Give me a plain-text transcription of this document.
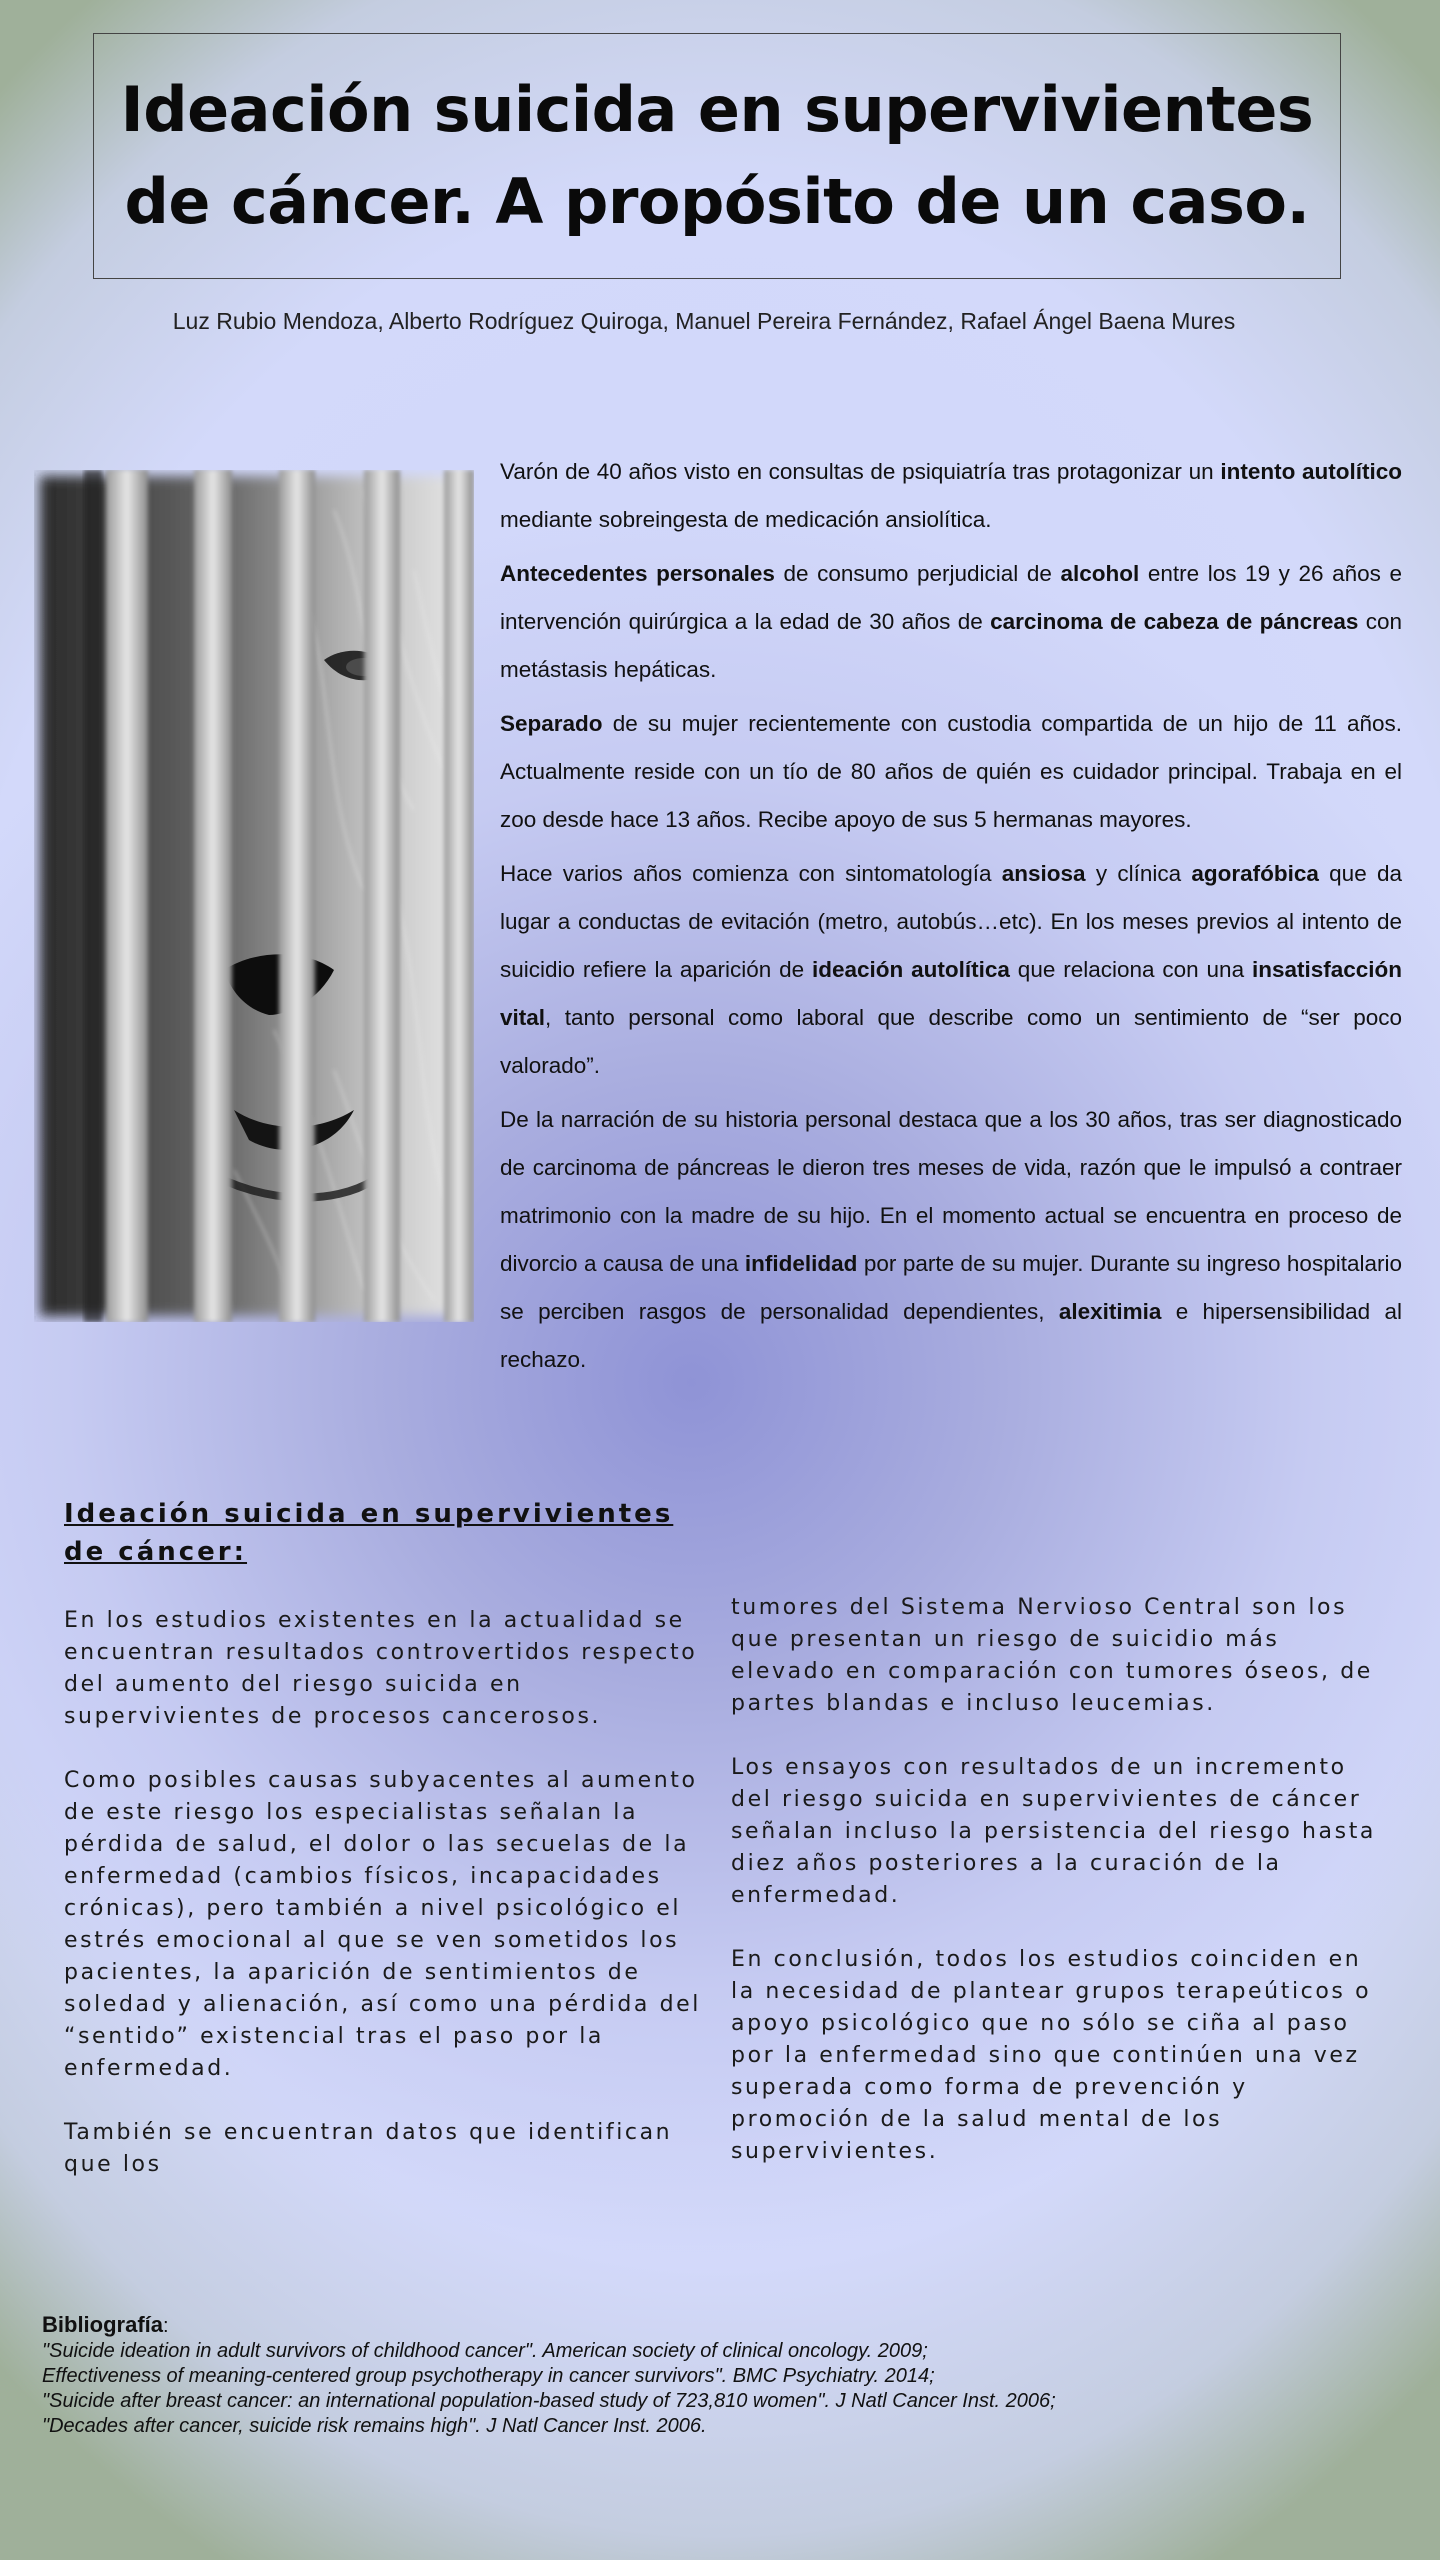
Ideación suicida en supervivientes
de cáncer. A propósito de un caso.
Luz Rubio Mendoza, Alberto Rodríguez Quiroga, Manuel Pereira Fernández, Rafael Ángel Baena Mures

Varón de 40 años visto en consultas de psiquiatría tras protagonizar un intento autolítico mediante sobreingesta de medicación ansiolítica.

Antecedentes personales de consumo perjudicial de alcohol entre los 19 y 26 años e intervención quirúrgica a la edad de 30 años de carcinoma de cabeza de páncreas con metástasis hepáticas.

Separado de su mujer recientemente con custodia compartida de un hijo de 11 años. Actualmente reside con un tío de 80 años de quién es cuidador principal. Trabaja en el zoo desde hace 13 años. Recibe apoyo de sus 5 hermanas mayores.

Hace varios años comienza con sintomatología ansiosa y clínica agorafóbica que da lugar a conductas de evitación (metro, autobús…etc). En los meses previos al intento de suicidio refiere la aparición de ideación autolítica que relaciona con una insatisfacción vital, tanto personal como laboral que describe como un sentimiento de “ser poco valorado”.

De la narración de su historia personal destaca que a los 30 años, tras ser diagnosticado de carcinoma de páncreas le dieron tres meses de vida, razón que le impulsó a contraer matrimonio con la madre de su hijo. En el momento actual se encuentra en proceso de divorcio a causa de una infidelidad por parte de su mujer. Durante su ingreso hospitalario se perciben rasgos de personalidad dependientes, alexitimia e hipersensibilidad al rechazo.

Ideación suicida en supervivientes de cáncer:

En los estudios existentes en la actualidad se encuentran resultados controvertidos respecto del aumento del riesgo suicida en supervivientes de procesos cancerosos.

Como posibles causas subyacentes al aumento de este riesgo los especialistas señalan la pérdida de salud, el dolor o las secuelas de la enfermedad (cambios físicos, incapacidades crónicas), pero también a nivel psicológico el estrés emocional al que se ven sometidos los pacientes, la aparición de sentimientos de soledad y alienación, así como una pérdida del “sentido” existencial tras el paso por la enfermedad.

También se encuentran datos que identifican que los

tumores del Sistema Nervioso Central son los que presentan un riesgo de suicidio más elevado en comparación con tumores óseos, de partes blandas e incluso leucemias.

Los ensayos con resultados de un incremento del riesgo suicida en supervivientes de cáncer señalan incluso la persistencia del riesgo hasta diez años posteriores a la curación de la enfermedad.

En conclusión, todos los estudios coinciden en la necesidad de plantear grupos terapeúticos o apoyo psicológico que no sólo se ciña al paso por la enfermedad sino que continúen una vez superada como forma de prevención y promoción de la salud mental de los supervivientes.

Bibliografía:
"Suicide ideation in adult survivors of childhood cancer". American society of clinical oncology. 2009;
Effectiveness of meaning-centered group psychotherapy in cancer survivors". BMC Psychiatry. 2014;
"Suicide after breast cancer: an international population-based study of 723,810 women". J Natl Cancer Inst. 2006;
"Decades after cancer, suicide risk remains high". J Natl Cancer Inst. 2006.
